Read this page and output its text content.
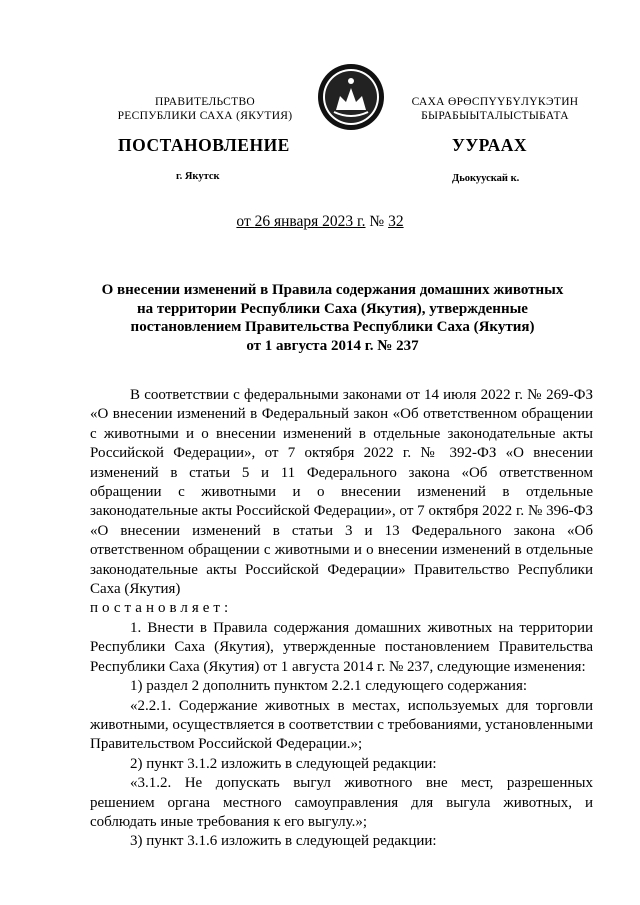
ПРАВИТЕЛЬСТВО
РЕСПУБЛИКИ САХА (ЯКУТИЯ)
САХА ӨРӨСПҮҮБҮЛҮКЭТИН
БЫРАБЫЫТАЛЫСТЫБАТА
ПОСТАНОВЛЕНИЕ	УУРААХ
г. Якутск	Дьокуускай к.
от 26 января 2023 г. № 32
О внесении изменений в Правила содержания домашних животных
на территории Республики Саха (Якутия), утвержденные
постановлением Правительства Республики Саха (Якутия)
от 1 августа 2014 г. № 237

В соответствии с федеральными законами от 14 июля 2022 г. № 269-ФЗ «О внесении изменений в Федеральный закон «Об ответственном обращении с животными и о внесении изменений в отдельные законодательные акты Российской Федерации», от 7 октября 2022 г. № 392-ФЗ «О внесении изменений в статьи 5 и 11 Федерального закона «Об ответственном обращении с животными и о внесении изменений в отдельные законодательные акты Российской Федерации», от 7 октября 2022 г. № 396-ФЗ «О внесении изменений в статьи 3 и 13 Федерального закона «Об ответственном обращении с животными и о внесении изменений в отдельные законодательные акты Российской Федерации» Правительство Республики Саха (Якутия)

постановляет:

1. Внести в Правила содержания домашних животных на территории Республики Саха (Якутия), утвержденные постановлением Правительства Республики Саха (Якутия) от 1 августа 2014 г. № 237, следующие изменения:

1) раздел 2 дополнить пунктом 2.2.1 следующего содержания:

«2.2.1. Содержание животных в местах, используемых для торговли животными, осуществляется в соответствии с требованиями, установленными Правительством Российской Федерации.»;

2) пункт 3.1.2 изложить в следующей редакции:

«3.1.2. Не допускать выгул животного вне мест, разрешенных решением органа местного самоуправления для выгула животных, и соблюдать иные требования к его выгулу.»;

3) пункт 3.1.6 изложить в следующей редакции:
